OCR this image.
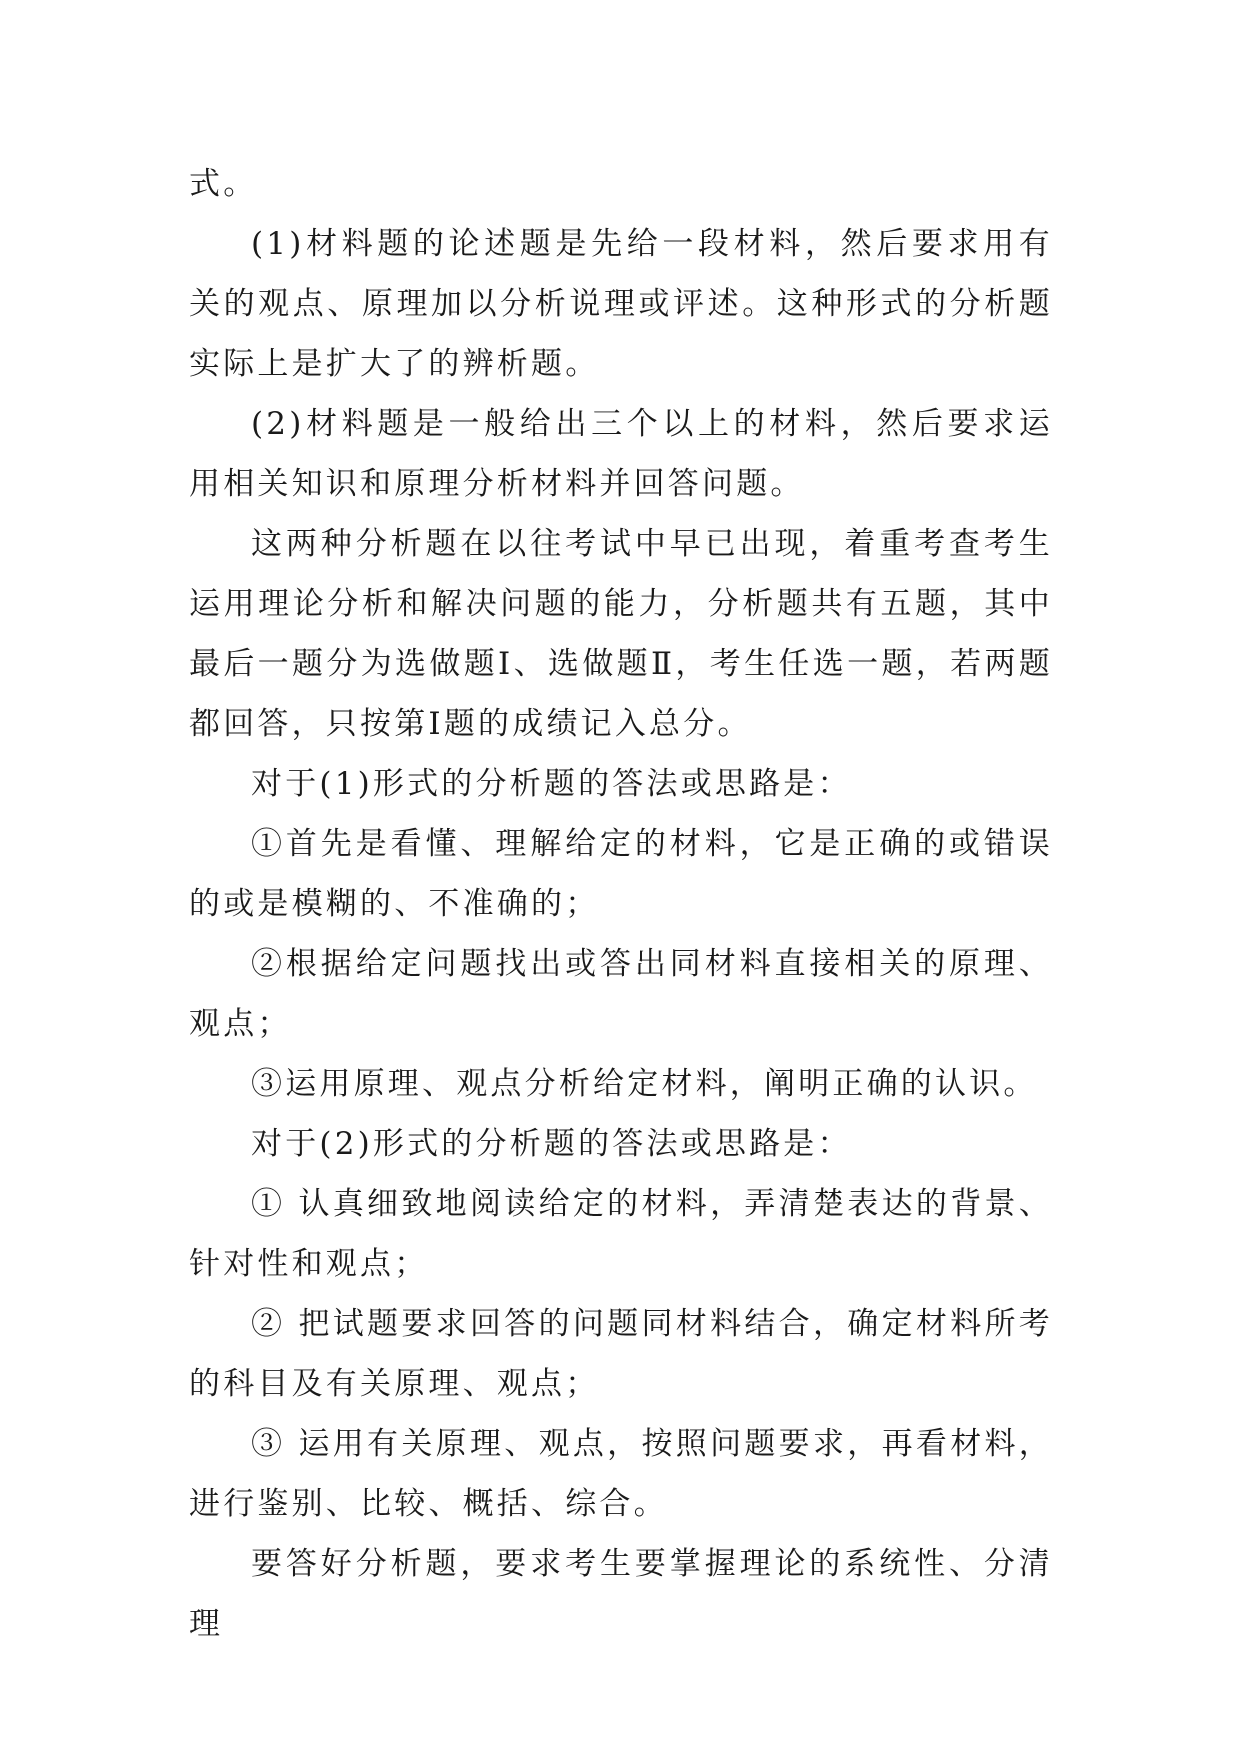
式。

(1)材料题的论述题是先给一段材料，然后要求用有关的观点、原理加以分析说理或评述。这种形式的分析题实际上是扩大了的辨析题。

(2)材料题是一般给出三个以上的材料，然后要求运用相关知识和原理分析材料并回答问题。

这两种分析题在以往考试中早已出现，着重考查考生运用理论分析和解决问题的能力，分析题共有五题，其中最后一题分为选做题Ⅰ、选做题Ⅱ，考生任选一题，若两题都回答，只按第Ⅰ题的成绩记入总分。

对于(1)形式的分析题的答法或思路是：

①首先是看懂、理解给定的材料，它是正确的或错误的或是模糊的、不准确的；

②根据给定问题找出或答出同材料直接相关的原理、观点；

③运用原理、观点分析给定材料，阐明正确的认识。

对于(2)形式的分析题的答法或思路是：

① 认真细致地阅读给定的材料，弄清楚表达的背景、针对性和观点；

② 把试题要求回答的问题同材料结合，确定材料所考的科目及有关原理、观点；

③ 运用有关原理、观点，按照问题要求，再看材料，进行鉴别、比较、概括、综合。

要答好分析题，要求考生要掌握理论的系统性、分清理
